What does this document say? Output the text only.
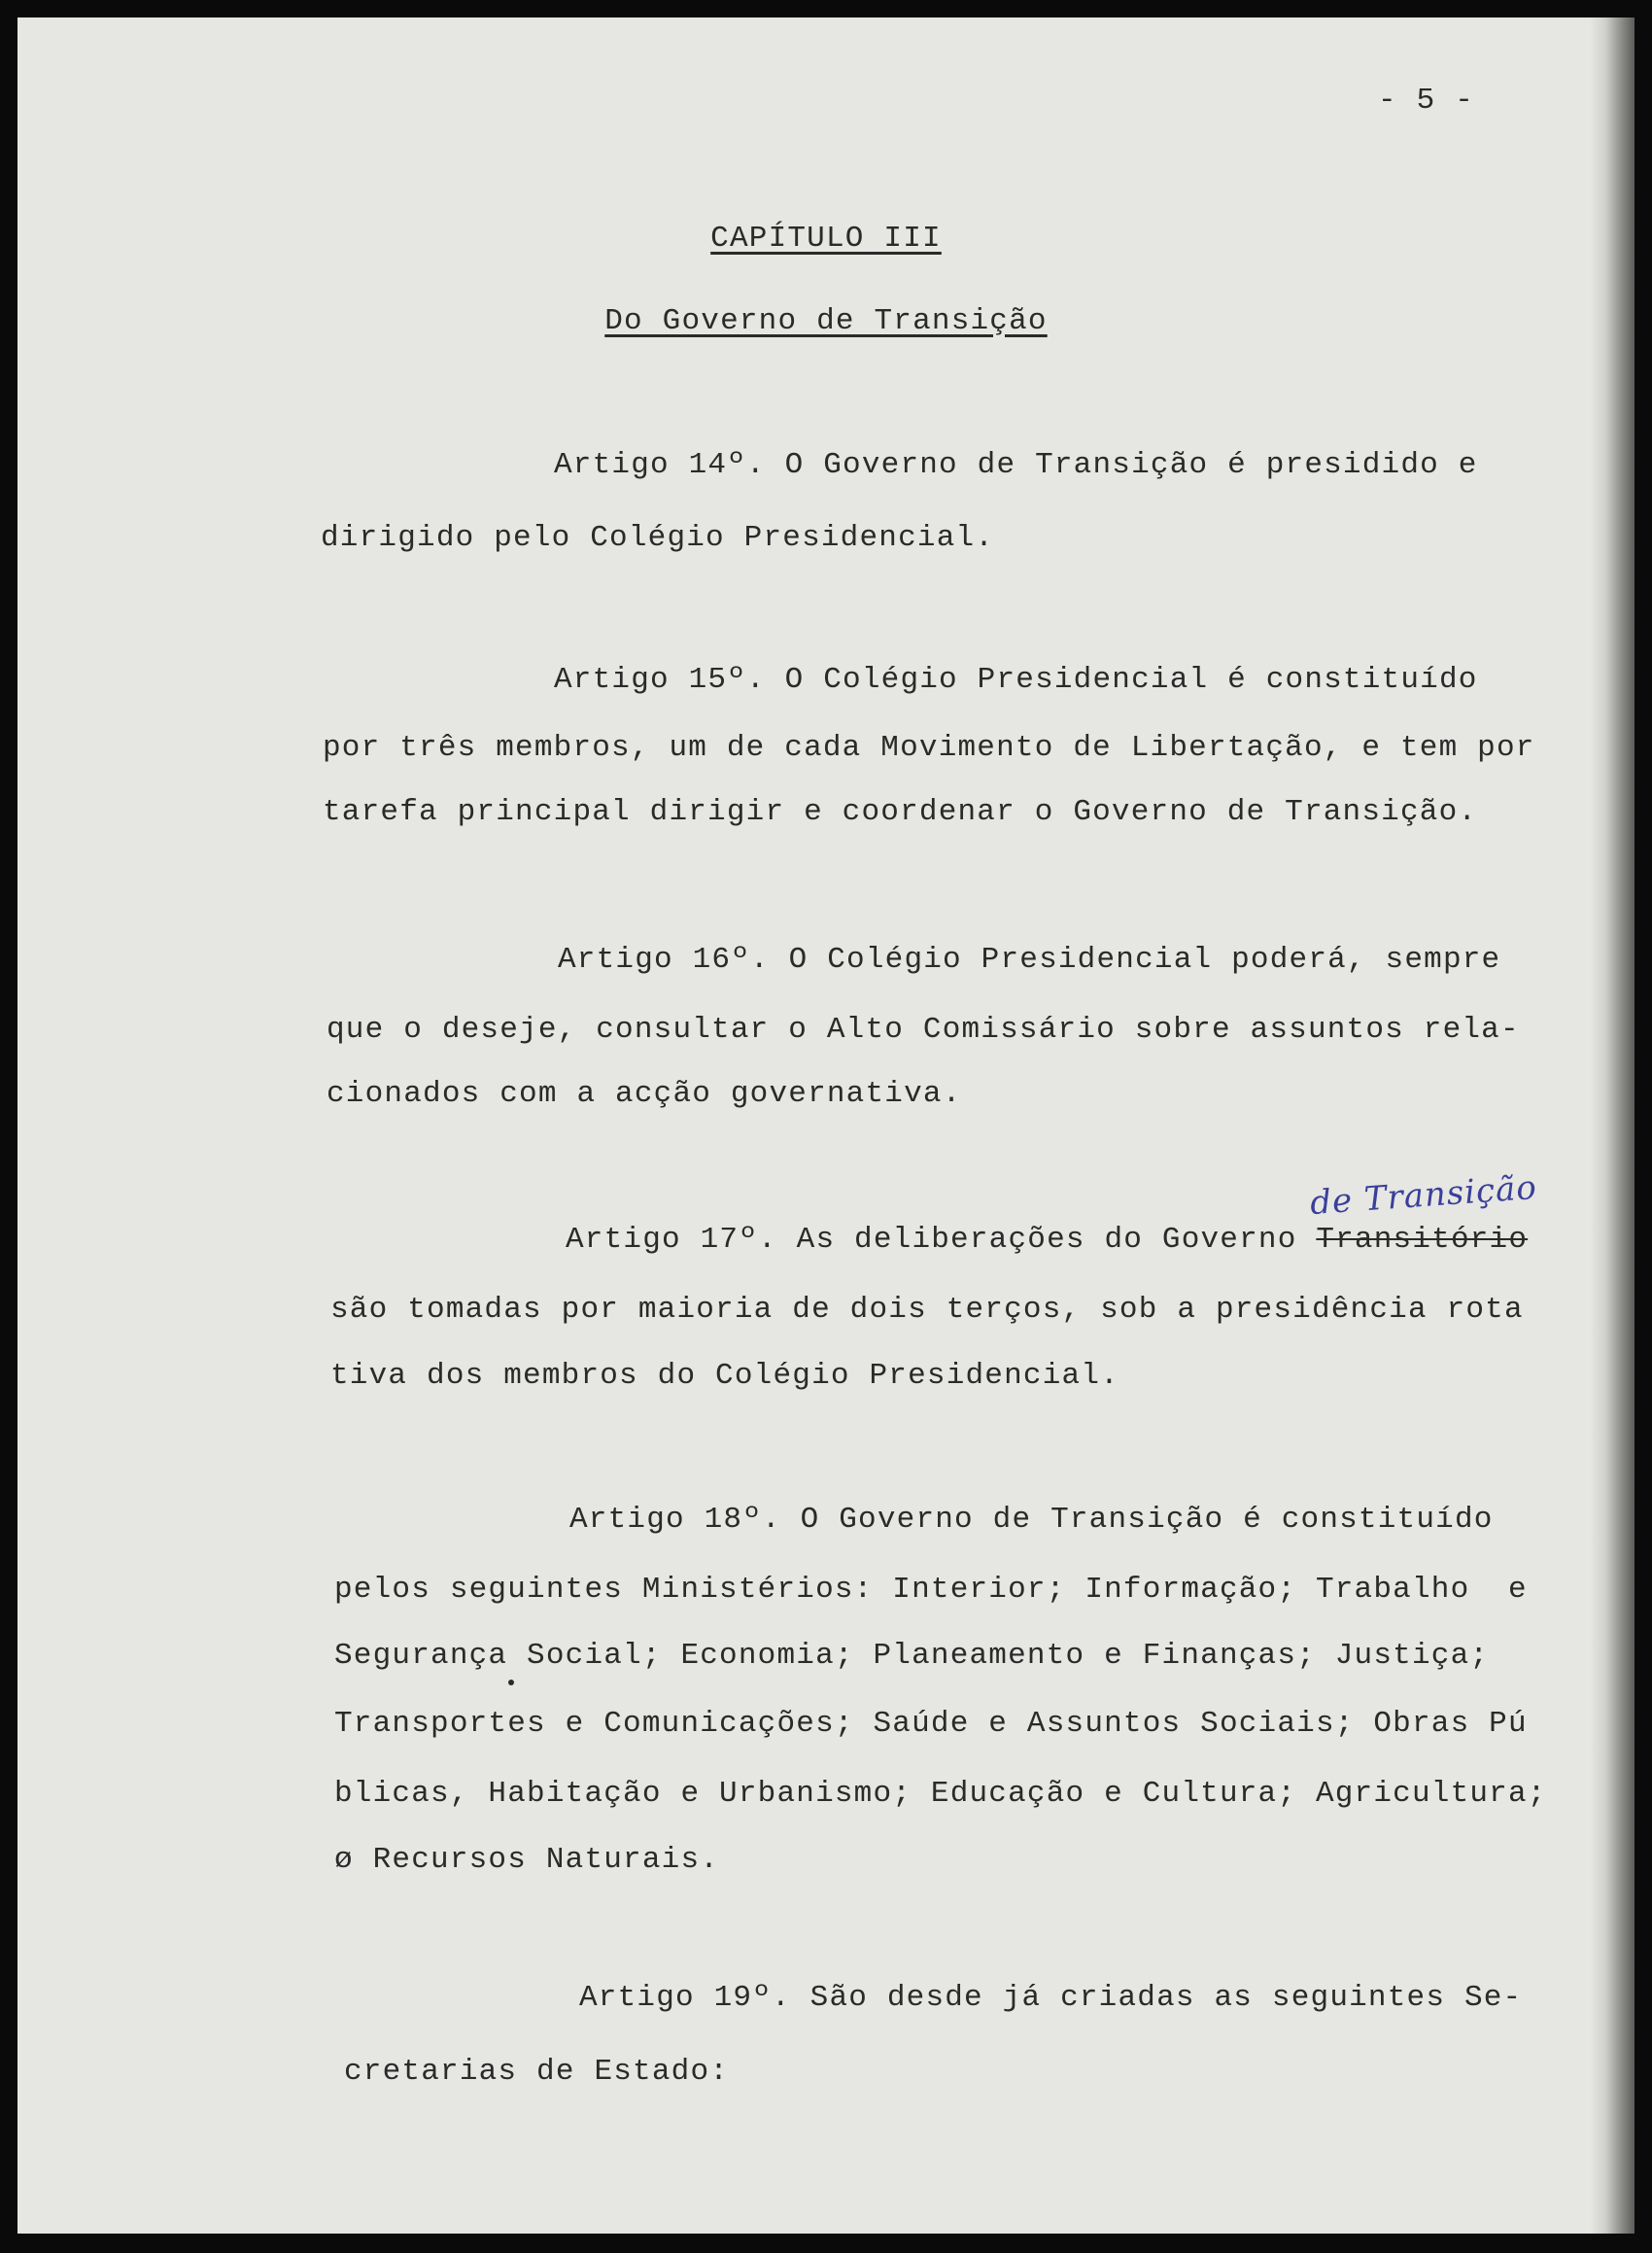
- 5 -

CAPÍTULO III

Do Governo de Transição

Artigo 14º. O Governo de Transição é presidido e

dirigido pelo Colégio Presidencial.

Artigo 15º. O Colégio Presidencial é constituído

por três membros, um de cada Movimento de Libertação, e tem por

tarefa principal dirigir e coordenar o Governo de Transição.

Artigo 16º. O Colégio Presidencial poderá, sempre

que o deseje, consultar o Alto Comissário sobre assuntos rela-

cionados com a acção governativa.

de Transição

Artigo 17º. As deliberações do Governo Transitório

são tomadas por maioria de dois terços, sob a presidência rota

tiva dos membros do Colégio Presidencial.

Artigo 18º. O Governo de Transição é constituído

pelos seguintes Ministérios: Interior; Informação; Trabalho  e

Segurança Social; Economia; Planeamento e Finanças; Justiça;

Transportes e Comunicações; Saúde e Assuntos Sociais; Obras Pú

blicas, Habitação e Urbanismo; Educação e Cultura; Agricultura;

ø Recursos Naturais.

Artigo 19º. São desde já criadas as seguintes Se-

cretarias de Estado:
